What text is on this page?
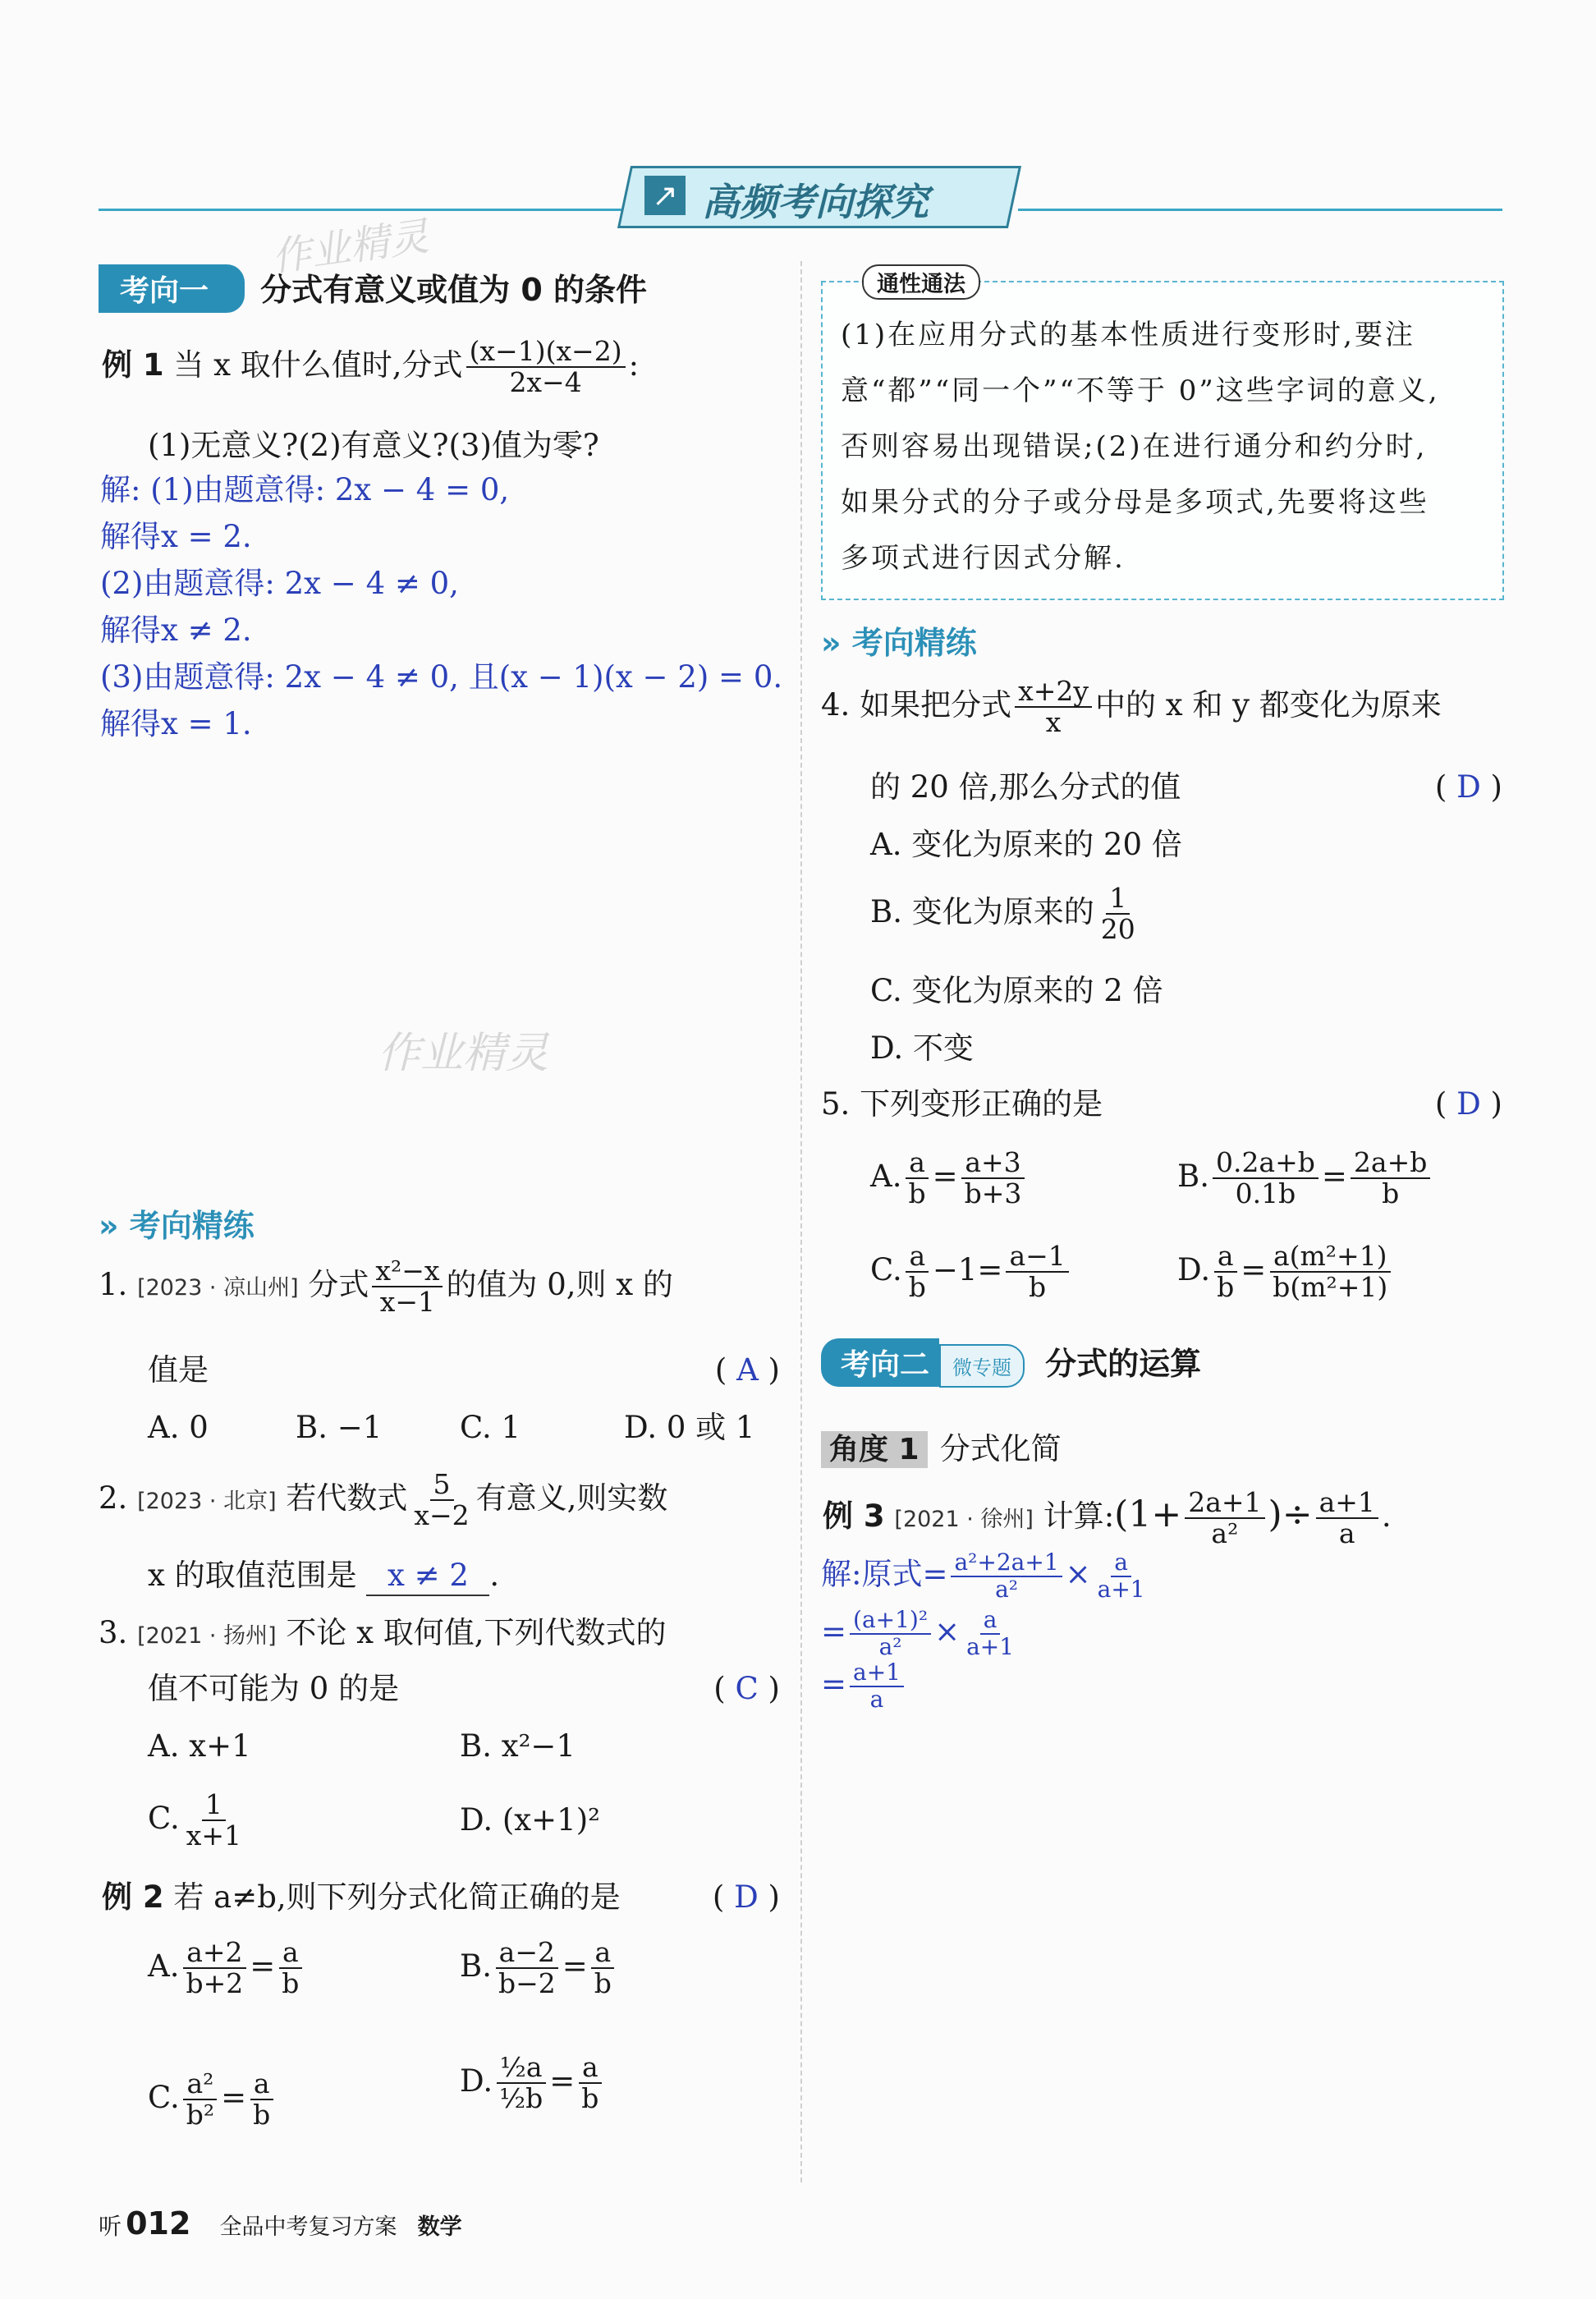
↗ 高频考向探究
作业精灵
作业精灵
考向一 分式有意义或值为 0 的条件
例 1 当 x 取什么值时,分式 $\frac{(x-1)(x-2)}{2x-4}$ :
(1)无意义?(2)有意义?(3)值为零?
解: (1)由题意得: 2x − 4 = 0,
解得x = 2.
(2)由题意得: 2x − 4 ≠ 0,
解得x ≠ 2.
(3)由题意得: 2x − 4 ≠ 0, 且(x − 1)(x − 2) = 0.
解得x = 1.
» 考向精练
1. [2023 · 凉山州] 分式 $\frac{\text{x²−x}}{x-1}$ 的值为 0,则 x 的
值是	( A )
A. 0	B. −1	C. 1	D. 0 或 1
2. [2023 · 北京] 若代数式 $\frac{5}{x-2}$ 有意义,则实数
x 的取值范围是 x ≠ 2 .
3. [2021 · 扬州] 不论 x 取何值,下列代数式的
值不可能为 0 的是	( C )
A. x+1	B. x²−1
C. $\frac{1}{x+1}$	D. (x+1)²
例 2 若 a≠b,则下列分式化简正确的是	( D )
A. $\frac{a+2}{b+2} = \frac{a}{b}$	B. $\frac{a-2}{b-2} = \frac{a}{b}$
C. $\frac{\text{a²}}{\text{b²}} = \frac{a}{b}$	D. $\frac{\text{½a}}{\text{½b}} = \frac{a}{b}$
通性通法
(1)在应用分式的基本性质进行变形时,要注
意“都”“同一个”“不等于 0”这些字词的意义,
否则容易出现错误;(2)在进行通分和约分时,
如果分式的分子或分母是多项式,先要将这些
多项式进行因式分解.
» 考向精练
4. 如果把分式 $\frac{x+2y}{x}$ 中的 x 和 y 都变化为原来
的 20 倍,那么分式的值	( D )
A. 变化为原来的 20 倍
B. 变化为原来的 $\frac{1}{20}$
C. 变化为原来的 2 倍
D. 不变
5. 下列变形正确的是	( D )
A. $\frac{a}{b} = \frac{a+3}{b+3}$	B. $\frac{0.2a+b}{0.1b} = \frac{2a+b}{b}$
C. $\frac{a}{b} -1= \frac{a-1}{b}$	D. $\frac{a}{b} = \frac{\text{a(m²+1)}}{\text{b(m²+1)}}$
考向二 微专题 分式的运算
角度 1 分式化简
例 3 [2021 · 徐州] 计算:(1+ $\frac{2a+1}{\text{a²}}$ )÷ $\frac{a+1}{a}$ .
解:原式= $\frac{\text{a²+2a+1}}{\text{a²}} \times \frac{a}{a+1}$
= $\frac{\text{(a+1)²}}{\text{a²}} \times \frac{a}{a+1}$
= $\frac{a+1}{a}$
听 012 全品中考复习方案 数学
